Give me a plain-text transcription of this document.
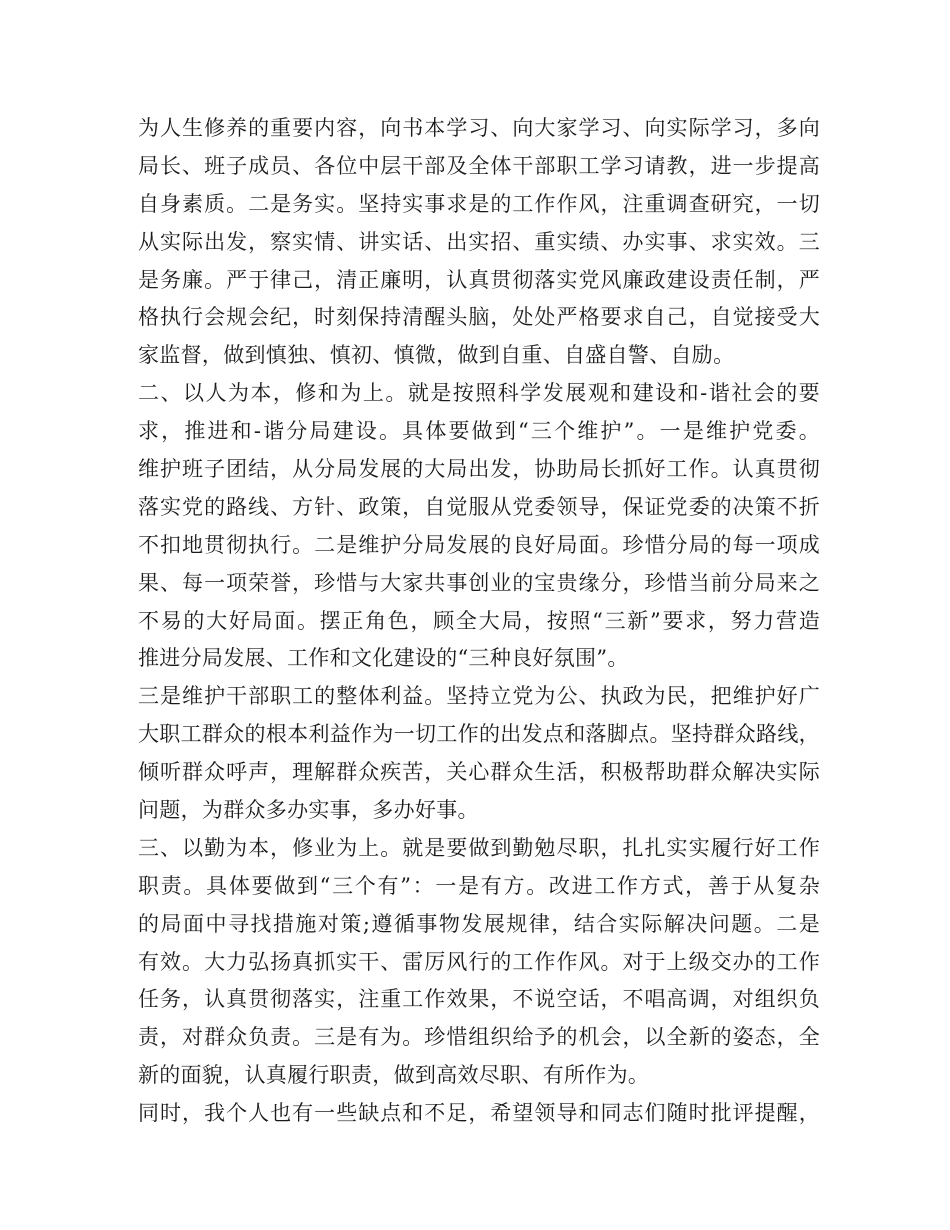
为人生修养的重要内容，向书本学习、向大家学习、向实际学习，多向
局长、班子成员、各位中层干部及全体干部职工学习请教，进一步提高
自身素质。二是务实。坚持实事求是的工作作风，注重调查研究，一切
从实际出发，察实情、讲实话、出实招、重实绩、办实事、求实效。三
是务廉。严于律己，清正廉明，认真贯彻落实党风廉政建设责任制，严
格执行会规会纪，时刻保持清醒头脑，处处严格要求自己，自觉接受大
家监督，做到慎独、慎初、慎微，做到自重、自盛自警、自励。
二、以人为本，修和为上。就是按照科学发展观和建设和-谐社会的要
求，推进和-谐分局建设。具体要做到“三个维护”。一是维护党委。
维护班子团结，从分局发展的大局出发，协助局长抓好工作。认真贯彻
落实党的路线、方针、政策，自觉服从党委领导，保证党委的决策不折
不扣地贯彻执行。二是维护分局发展的良好局面。珍惜分局的每一项成
果、每一项荣誉，珍惜与大家共事创业的宝贵缘分，珍惜当前分局来之
不易的大好局面。摆正角色，顾全大局，按照“三新”要求，努力营造
推进分局发展、工作和文化建设的“三种良好氛围”。
三是维护干部职工的整体利益。坚持立党为公、执政为民，把维护好广
大职工群众的根本利益作为一切工作的出发点和落脚点。坚持群众路线，
倾听群众呼声，理解群众疾苦，关心群众生活，积极帮助群众解决实际
问题，为群众多办实事，多办好事。
三、以勤为本，修业为上。就是要做到勤勉尽职，扎扎实实履行好工作
职责。具体要做到“三个有”：一是有方。改进工作方式，善于从复杂
的局面中寻找措施对策;遵循事物发展规律，结合实际解决问题。二是
有效。大力弘扬真抓实干、雷厉风行的工作作风。对于上级交办的工作
任务，认真贯彻落实，注重工作效果，不说空话，不唱高调，对组织负
责，对群众负责。三是有为。珍惜组织给予的机会，以全新的姿态，全
新的面貌，认真履行职责，做到高效尽职、有所作为。
同时，我个人也有一些缺点和不足，希望领导和同志们随时批评提醒，
